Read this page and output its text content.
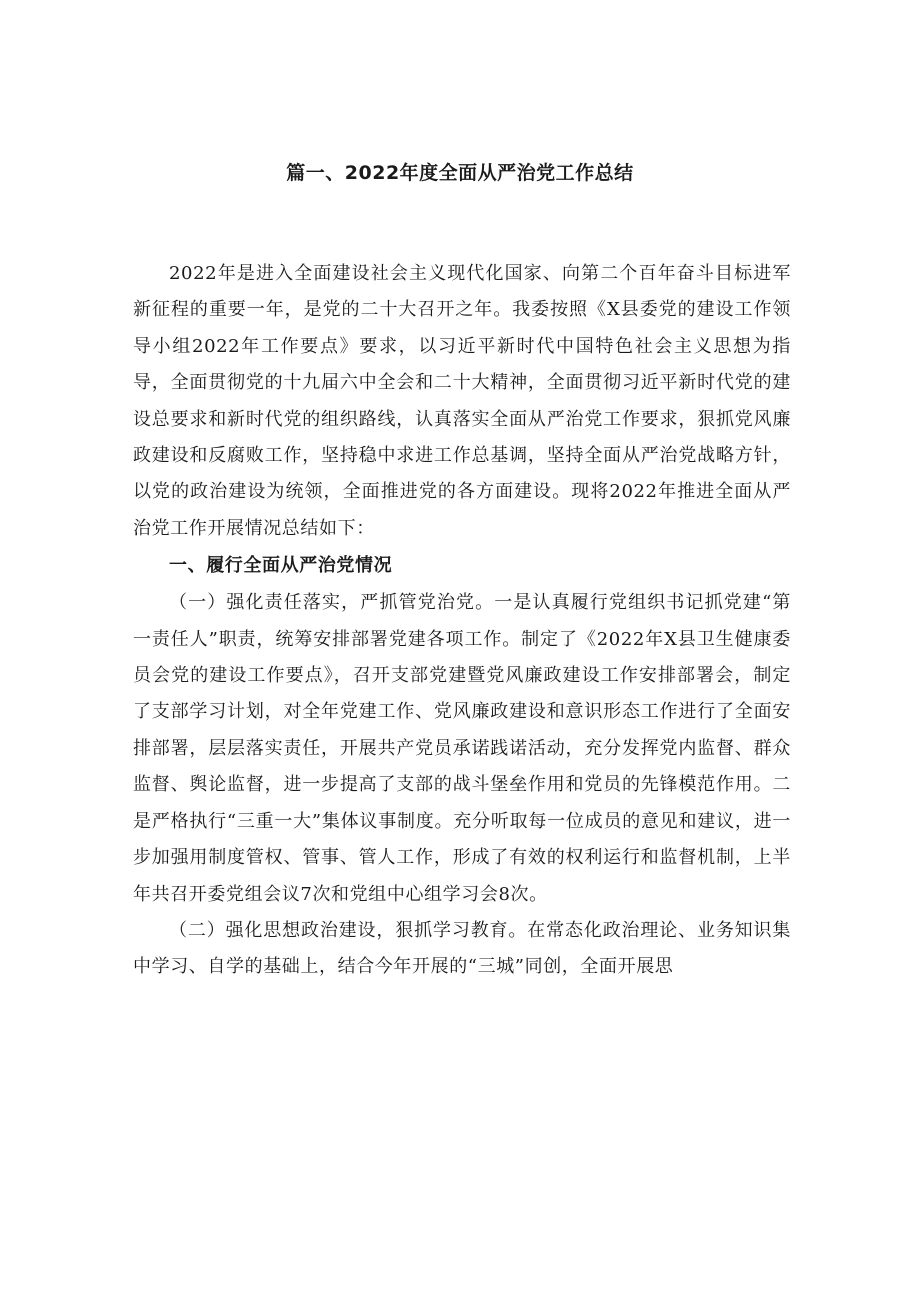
篇一、2022年度全面从严治党工作总结

2022年是进入全面建设社会主义现代化国家、向第二个百年奋斗目标进军新征程的重要一年，是党的二十大召开之年。我委按照《X县委党的建设工作领导小组2022年工作要点》要求，以习近平新时代中国特色社会主义思想为指导，全面贯彻党的十九届六中全会和二十大精神，全面贯彻习近平新时代党的建设总要求和新时代党的组织路线，认真落实全面从严治党工作要求，狠抓党风廉政建设和反腐败工作，坚持稳中求进工作总基调，坚持全面从严治党战略方针，以党的政治建设为统领，全面推进党的各方面建设。现将2022年推进全面从严治党工作开展情况总结如下：

一、履行全面从严治党情况

（一）强化责任落实，严抓管党治党。一是认真履行党组织书记抓党建“第一责任人”职责，统筹安排部署党建各项工作。制定了《2022年X县卫生健康委员会党的建设工作要点》，召开支部党建暨党风廉政建设工作安排部署会，制定了支部学习计划，对全年党建工作、党风廉政建设和意识形态工作进行了全面安排部署，层层落实责任，开展共产党员承诺践诺活动，充分发挥党内监督、群众监督、舆论监督，进一步提高了支部的战斗堡垒作用和党员的先锋模范作用。二是严格执行“三重一大”集体议事制度。充分听取每一位成员的意见和建议，进一步加强用制度管权、管事、管人工作，形成了有效的权利运行和监督机制，上半年共召开委党组会议7次和党组中心组学习会8次。

（二）强化思想政治建设，狠抓学习教育。在常态化政治理论、业务知识集中学习、自学的基础上，结合今年开展的“三城”同创，全面开展思
